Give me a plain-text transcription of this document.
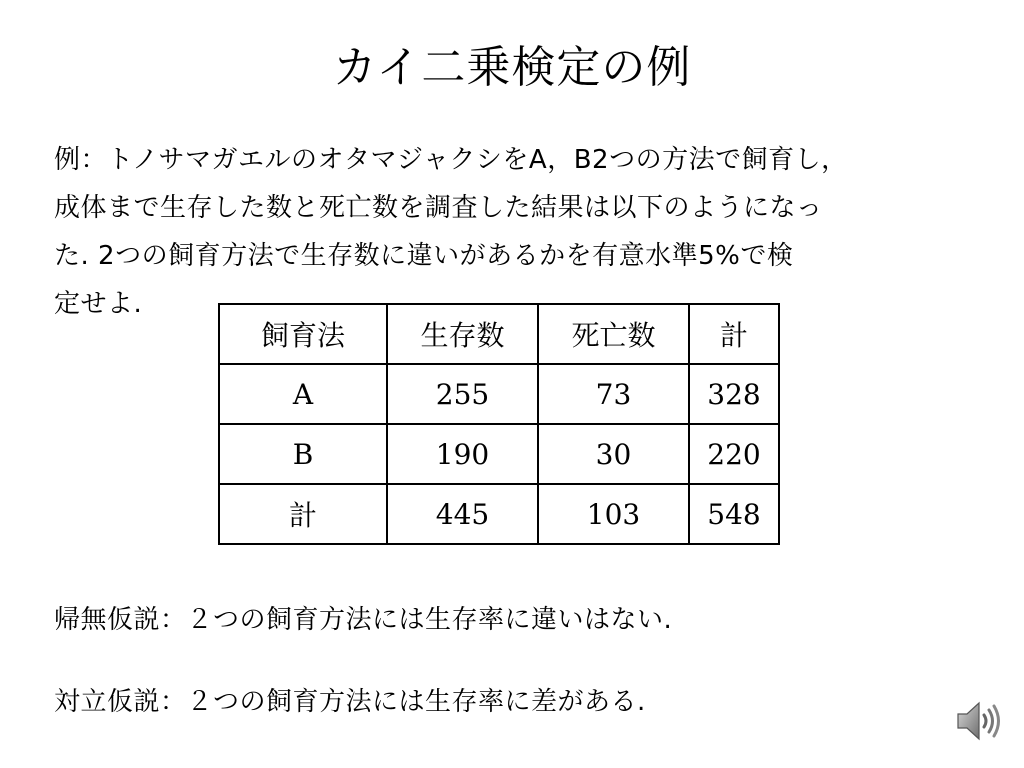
カイ二乗検定の例
例：トノサマガエルのオタマジャクシをA，B2つの方法で飼育し，
成体まで生存した数と死亡数を調査した結果は以下のようになっ
た. 2つの飼育方法で生存数に違いがあるかを有意水準5%で検
定せよ.
飼育法	生存数	死亡数	計
A	255	73	328
B	190	30	220
計	445	103	548
帰無仮説：２つの飼育方法には生存率に違いはない.
対立仮説：２つの飼育方法には生存率に差がある.
